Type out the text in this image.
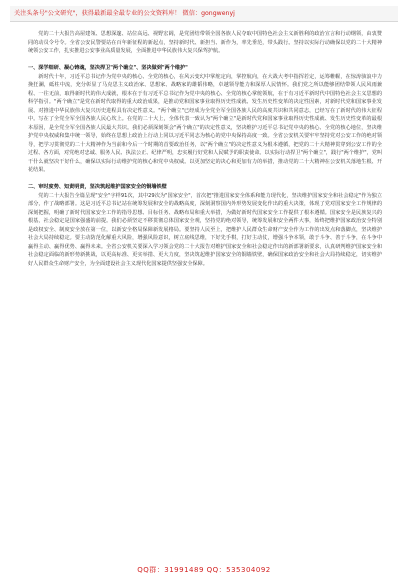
关注头条号"公文研究"，获得最新最全最专业的公文资料库！ 微信：gongwenyj

党的二十大报告高屋建瓴、思想深邃、站位高远、视野宏阔，是党团结带领全国各族人民夺取中国特色社会主义新胜利的政治宣言和行动纲领，由衷赞同的动员令号令。全省公安民警要站在百年新征程的新起点，坚持新时代、新担当、新作为，率先垂范，带头践行。坚持以实际行动确保以党的二十大精神统领公安工作，扎实推进公安事业高质量发展，全面推进中华民族伟大复兴保驾护航。

一、深学细研、凝心铸魂，坚决捍卫"两个确立"、坚决做到"两个维护"

新时代十年，习近平总书记作为党中央的核心、全党的核心，在风云变幻中掌舵定向，掌控航向，在大战大考中指挥若定，运筹帷幄，在惊涛骇浪中力挽狂澜，砥柱中流，充分彰显了马克思主义政治家、思想家、战略家的雄韬伟略，卓越领导能力和深厚人民情怀。我们党之所以能够团结带领人民风雨兼程、一往无前，取得新时代的伟大成就，根本在于有习近平总书记作为党中央的核心、全党的核心掌舵领航，在于有习近平新时代中国特色社会主义思想的科学指引。"两个确立"是党在新时代取得的重大政治成果，是推动党和国家事业取得历史性成就、发生历史性变革的决定性因素，对新时代党和国家事业发展、对推进中华民族伟大复兴历史进程具有决定性意义。"两个确立"已经成为全党全军全国各族人民的高度共识和共同意志，已经写在了新时代的伟大征程中。写在了全党全军全国各族人民心坎上。在党的二十大上，全体代表一致认为"两个确立"是新时代党和国家事业取得历史性成就、发生历史性变革的最根本原因，是全党全军全国各族人民最大共识。我们必须深刻领会"两个确立"的决定性意义，坚决维护习近平总书记党中央的核心、全党的核心地位，坚决维护党中央权威和集中统一领导，始终在思想上政治上行动上同以习近平同志为核心的党中央保持高度一致。全省公安机关要牢牢坚持党对公安工作的绝对领导，把学习贯彻党的二十大精神作为当前和今后一个时期的首要政治任务，以"两个确立"的决定性意义为根本遵循，把党的二十大精神贯穿到公安工作的全过程、各方面，对党绝对忠诚、服务人民、执法公正、纪律严明，忠实履行好党和人民赋予的职责使命。以实际行动捍卫"两个确立"，践行"两个维护"，党叫干什么就坚决干好什么，确保以实际行动维护党的核心和党中央权威。以更加坚定的决心和更加有力的举措，推动党的二十大精神在公安机关落地生根、开花结果。

二、审时度势、知责明责，坚决筑起维护国家安全的铜墙铁壁

党的二十大报告全篇呈现"安全"字样91次，其中29次为"国家安全"，首次把"推进国家安全体系和能力现代化，坚决维护国家安全和社会稳定"作为独立部分，作了战略部署。这是习近平总书记站在统筹发展和安全的战略高度，深刻洞察国内外形势发展变化作出的重大决策，体现了党对国家安全工作规律的深刻把握，明确了新时代国家安全工作的指导思想、目标任务、战略布局和重大举措，为做好新时代国家安全工作提供了根本遵循。国家安全是民族复兴的根基，社会稳定是国家强盛的前提。我们必须坚定不移贯彻总体国家安全观，坚持党的绝对领导，统筹发展和安全两件大事，始终把维护国家政治安全特别是政权安全、制度安全放在第一位，以新安全格局保障新发展格局。要坚持人民至上，把维护人民群众生命财产安全作为工作的出发点和落脚点，坚决维护社会大局持续稳定。要主动防范化解重大风险，增强风险意识，树立底线思维，下好先手棋，打好主动仗，增强斗争本领，敢于斗争、善于斗争，在斗争中赢得主动、赢得优势、赢得未来。全省公安机关要深入学习领会党的二十大报告对维护国家安全和社会稳定作出的新部署新要求，认真研判维护国家安全和社会稳定面临的新形势新挑战，以更高标准、更实举措、更大力度，坚决筑起维护国家安全的铜墙铁壁，确保国家政治安全和社会大局持续稳定，切实维护好人民群众生命财产安全，为全面建设社会主义现代化国家提供坚强安全保障。

QQ群：31991489 QQ：535304092
